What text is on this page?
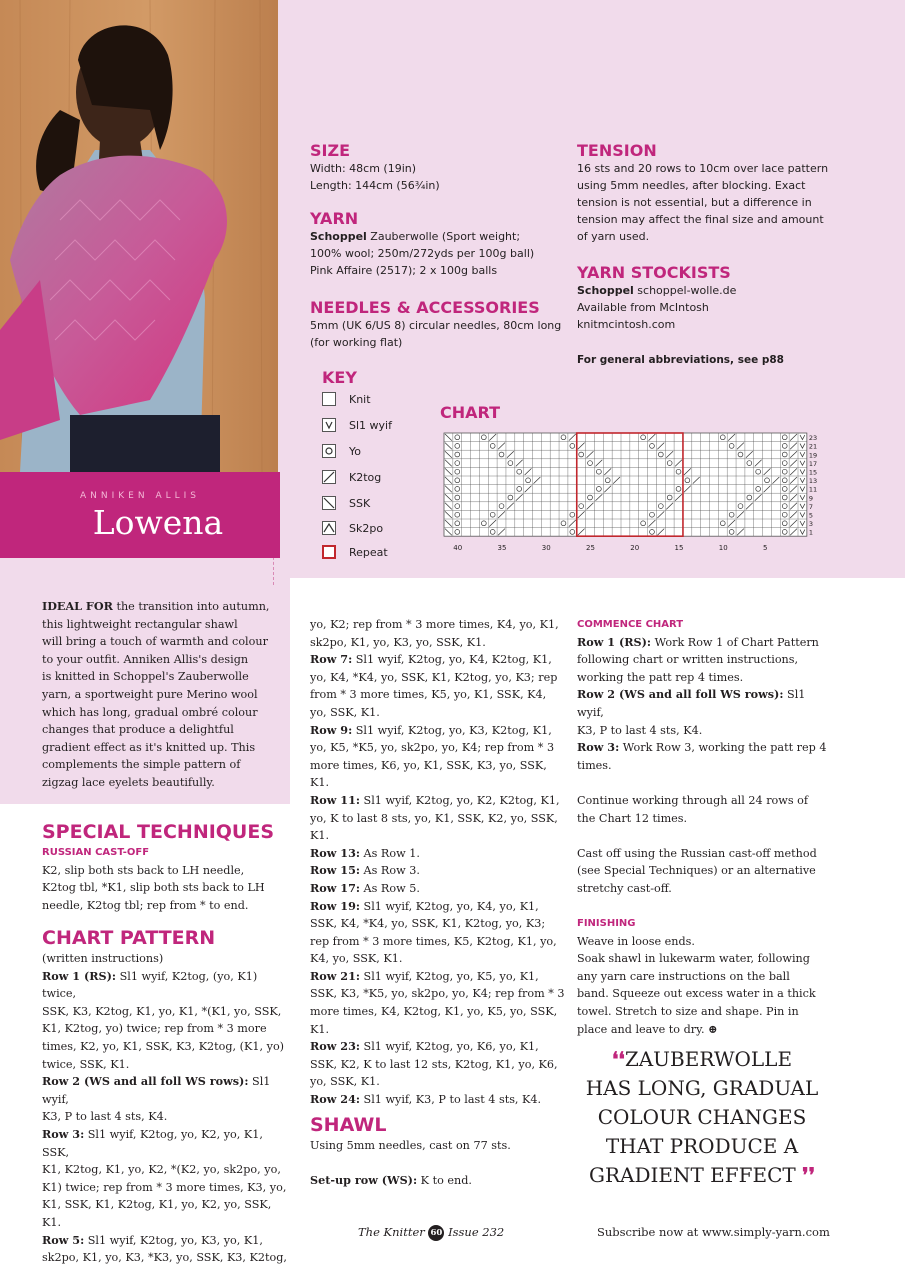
ANNIKEN ALLIS
Lowena
SIZE
Width: 48cm (19in)
Length: 144cm (56¾in)
YARN
Schoppel Zauberwolle (Sport weight;
100% wool; 250m/272yds per 100g ball)
Pink Affaire (2517); 2 x 100g balls
NEEDLES & ACCESSORIES
5mm (UK 6/US 8) circular needles, 80cm long
(for working flat)
TENSION
16 sts and 20 rows to 10cm over lace pattern
using 5mm needles, after blocking. Exact
tension is not essential, but a difference in
tension may affect the final size and amount
of yarn used.
YARN STOCKISTS
Schoppel schoppel-wolle.de
Available from McIntosh
knitmcintosh.com
For general abbreviations, see p88
KEY
Knit
Sl1 wyif
Yo
K2tog
SSK
Sk2po
Repeat
CHART
23
21
19
17
15
13
11
9
7
5
3
1
40	35	30	25	20	15	10	5

IDEAL FOR the transition into autumn,

this lightweight rectangular shawl

will bring a touch of warmth and colour

to your outfit. Anniken Allis's design

is knitted in Schoppel's Zauberwolle

yarn, a sportweight pure Merino wool

which has long, gradual ombré colour

changes that produce a delightful

gradient effect as it's knitted up. This

complements the simple pattern of

zigzag lace eyelets beautifully.

SPECIAL TECHNIQUES
RUSSIAN CAST-OFF

K2, slip both sts back to LH needle,

K2tog tbl, *K1, slip both sts back to LH

needle, K2tog tbl; rep from * to end.

CHART PATTERN

(written instructions)

Row 1 (RS): Sl1 wyif, K2tog, (yo, K1) twice,

SSK, K3, K2tog, K1, yo, K1, *(K1, yo, SSK,

K1, K2tog, yo) twice; rep from * 3 more

times, K2, yo, K1, SSK, K3, K2tog, (K1, yo)

twice, SSK, K1.

Row 2 (WS and all foll WS rows): Sl1 wyif,

K3, P to last 4 sts, K4.

Row 3: Sl1 wyif, K2tog, yo, K2, yo, K1, SSK,

K1, K2tog, K1, yo, K2, *(K2, yo, sk2po, yo,

K1) twice; rep from * 3 more times, K3, yo,

K1, SSK, K1, K2tog, K1, yo, K2, yo, SSK, K1.

Row 5: Sl1 wyif, K2tog, yo, K3, yo, K1,

sk2po, K1, yo, K3, *K3, yo, SSK, K3, K2tog,

yo, K2; rep from * 3 more times, K4, yo, K1,

sk2po, K1, yo, K3, yo, SSK, K1.

Row 7: Sl1 wyif, K2tog, yo, K4, K2tog, K1,

yo, K4, *K4, yo, SSK, K1, K2tog, yo, K3; rep

from * 3 more times, K5, yo, K1, SSK, K4,

yo, SSK, K1.

Row 9: Sl1 wyif, K2tog, yo, K3, K2tog, K1,

yo, K5, *K5, yo, sk2po, yo, K4; rep from * 3

more times, K6, yo, K1, SSK, K3, yo, SSK,

K1.

Row 11: Sl1 wyif, K2tog, yo, K2, K2tog, K1,

yo, K to last 8 sts, yo, K1, SSK, K2, yo, SSK,

K1.

Row 13: As Row 1.

Row 15: As Row 3.

Row 17: As Row 5.

Row 19: Sl1 wyif, K2tog, yo, K4, yo, K1,

SSK, K4, *K4, yo, SSK, K1, K2tog, yo, K3;

rep from * 3 more times, K5, K2tog, K1, yo,

K4, yo, SSK, K1.

Row 21: Sl1 wyif, K2tog, yo, K5, yo, K1,

SSK, K3, *K5, yo, sk2po, yo, K4; rep from * 3

more times, K4, K2tog, K1, yo, K5, yo, SSK,

K1.

Row 23: Sl1 wyif, K2tog, yo, K6, yo, K1,

SSK, K2, K to last 12 sts, K2tog, K1, yo, K6,

yo, SSK, K1.

Row 24: Sl1 wyif, K3, P to last 4 sts, K4.

SHAWL

Using 5mm needles, cast on 77 sts.

Set-up row (WS): K to end.

COMMENCE CHART

Row 1 (RS): Work Row 1 of Chart Pattern

following chart or written instructions,

working the patt rep 4 times.

Row 2 (WS and all foll WS rows): Sl1 wyif,

K3, P to last 4 sts, K4.

Row 3: Work Row 3, working the patt rep 4

times.

Continue working through all 24 rows of

the Chart 12 times.

Cast off using the Russian cast-off method

(see Special Techniques) or an alternative

stretchy cast-off.

FINISHING

Weave in loose ends.

Soak shawl in lukewarm water, following

any yarn care instructions on the ball

band. Squeeze out excess water in a thick

towel. Stretch to size and shape. Pin in

place and leave to dry. ⊕

❛❛ZAUBERWOLLE
HAS LONG, GRADUAL
COLOUR CHANGES
THAT PRODUCE A
GRADIENT EFFECT ❜❜
The Knitter 60 Issue 232	Subscribe now at www.simply-yarn.com
